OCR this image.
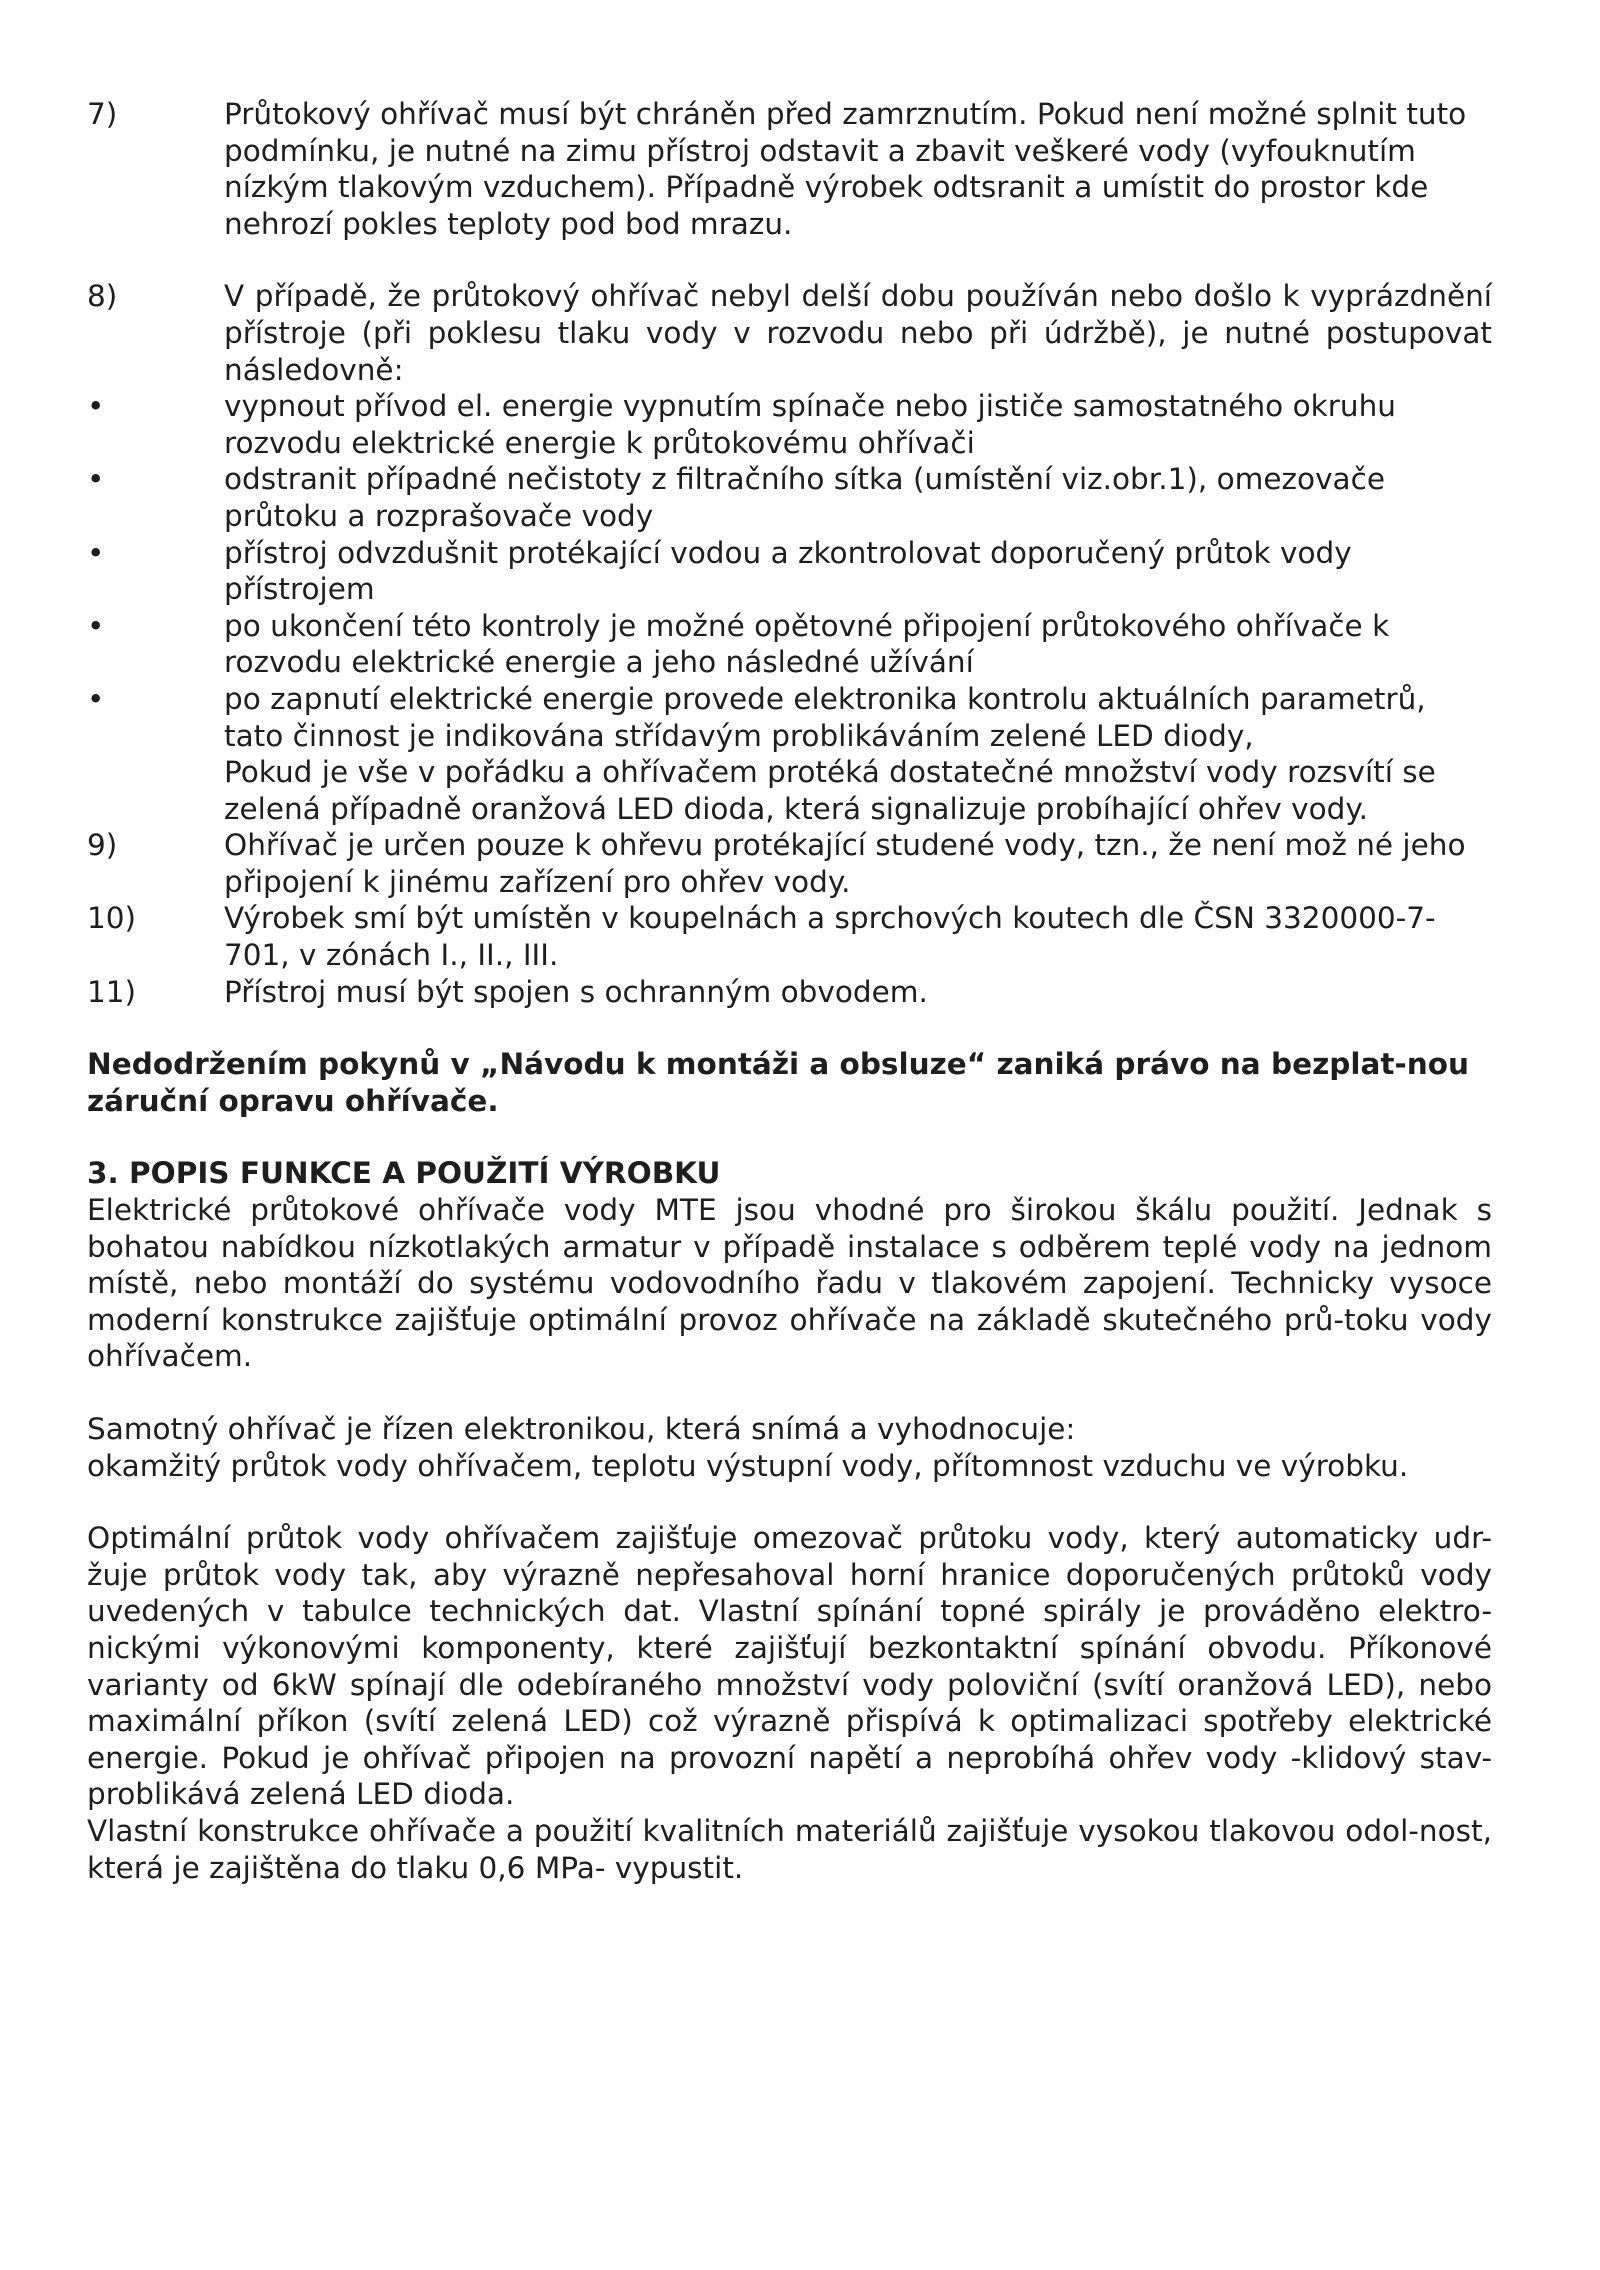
7)	Průtokový ohřívač musí být chráněn před zamrznutím. Pokud není možné splnit tuto podmínku, je nutné na zimu přístroj odstavit a zbavit veškeré vody (vyfouknutím nízkým tlakovým vzduchem). Případně výrobek odtsranit a umístit do prostor kde nehrozí pokles teploty pod bod mrazu.

8)	V případě, že průtokový ohřívač nebyl delší dobu používán nebo došlo k vyprázdnění přístroje (při poklesu tlaku vody v rozvodu nebo při údržbě), je nutné postupovat následovně:

•	vypnout přívod el. energie vypnutím spínače nebo jističe samostatného okruhu rozvodu elektrické energie k průtokovému ohřívači

•	odstranit případné nečistoty z filtračního sítka (umístění viz.obr.1), omezovače průtoku a rozprašovače vody

•	přístroj odvzdušnit protékající vodou a zkontrolovat doporučený průtok vody přístrojem

•	po ukončení této kontroly je možné opětovné připojení průtokového ohřívače k rozvodu elektrické energie a jeho následné užívání

•	po zapnutí elektrické energie provede elektronika kontrolu aktuálních parametrů, tato činnost je indikována střídavým problikáváním zelené LED diody,

Pokud je vše v pořádku a ohřívačem protéká dostatečné množství vody rozsvítí se zelená případně oranžová LED dioda, která signalizuje probíhající ohřev vody.

9)	Ohřívač je určen pouze k ohřevu protékající studené vody, tzn., že není mož né jeho připojení k jinému zařízení pro ohřev vody.

10)	Výrobek smí být umístěn v koupelnách a sprchových koutech dle ČSN 3320000-7-701, v zónách I., II., III.

11)	Přístroj musí být spojen s ochranným obvodem.

Nedodržením pokynů v „Návodu k montáži a obsluze“ zaniká právo na bezplat-nou záruční opravu ohřívače.

3. POPIS FUNKCE A POUŽITÍ VÝROBKU

Elektrické průtokové ohřívače vody MTE jsou vhodné pro širokou škálu použití. Jednak s bohatou nabídkou nízkotlakých armatur v případě instalace s odběrem teplé vody na jednom místě, nebo montáží do systému vodovodního řadu v tlakovém zapojení. Technicky vysoce moderní konstrukce zajišťuje optimální provoz ohřívače na základě skutečného prů-toku vody ohřívačem.

Samotný ohřívač je řízen elektronikou, která snímá a vyhodnocuje:

okamžitý průtok vody ohřívačem, teplotu výstupní vody, přítomnost vzduchu ve výrobku.

Optimální průtok vody ohřívačem zajišťuje omezovač průtoku vody, který automaticky udr-žuje průtok vody tak, aby výrazně nepřesahoval horní hranice doporučených průtoků vody uvedených v tabulce technických dat. Vlastní spínání topné spirály je prováděno elektro-nickými výkonovými komponenty, které zajišťují bezkontaktní spínání obvodu. Příkonové varianty od 6kW spínají dle odebíraného množství vody poloviční (svítí oranžová LED), nebo maximální příkon (svítí zelená LED) což výrazně přispívá k optimalizaci spotřeby elektrické energie. Pokud je ohřívač připojen na provozní napětí a neprobíhá ohřev vody -klidový stav-problikává zelená LED dioda.

Vlastní konstrukce ohřívače a použití kvalitních materiálů zajišťuje vysokou tlakovou odol-nost, která je zajištěna do tlaku 0,6 MPa- vypustit.
